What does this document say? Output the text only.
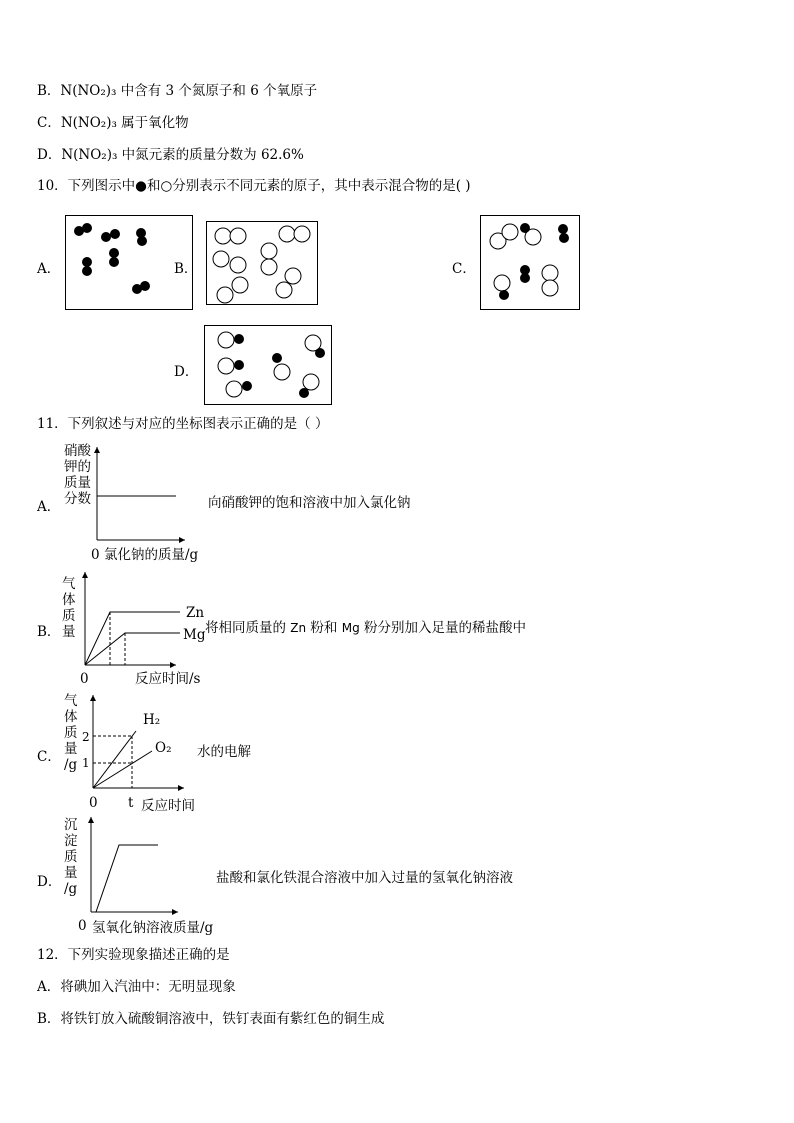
B．N(NO₂)₃ 中含有 3 个氮原子和 6 个氧原子
C．N(NO₂)₃ 属于氧化物
D．N(NO₂)₃ 中氮元素的质量分数为 62.6%
10．下列图示中●和○分别表示不同元素的原子，其中表示混合物的是( )
A．	B．	C．
D．
11．下列叙述与对应的坐标图表示正确的是（ ）
A．
硝酸
钾的
质量
分数
0 氯化钠的质量/g
向硝酸钾的饱和溶液中加入氯化钠
B．
气
体
质
量
Zn
Mg
0	反应时间/s
将相同质量的 Zn 粉和 Mg 粉分别加入足量的稀盐酸中
C．
气
体
质
量
/g
2
1
H₂
O₂
0 t 反应时间
水的电解
D．
沉
淀
质
量
/g
0 氢氧化钠溶液质量/g
盐酸和氯化铁混合溶液中加入过量的氢氧化钠溶液
12．下列实验现象描述正确的是
A．将碘加入汽油中：无明显现象
B．将铁钉放入硫酸铜溶液中，铁钉表面有紫红色的铜生成
